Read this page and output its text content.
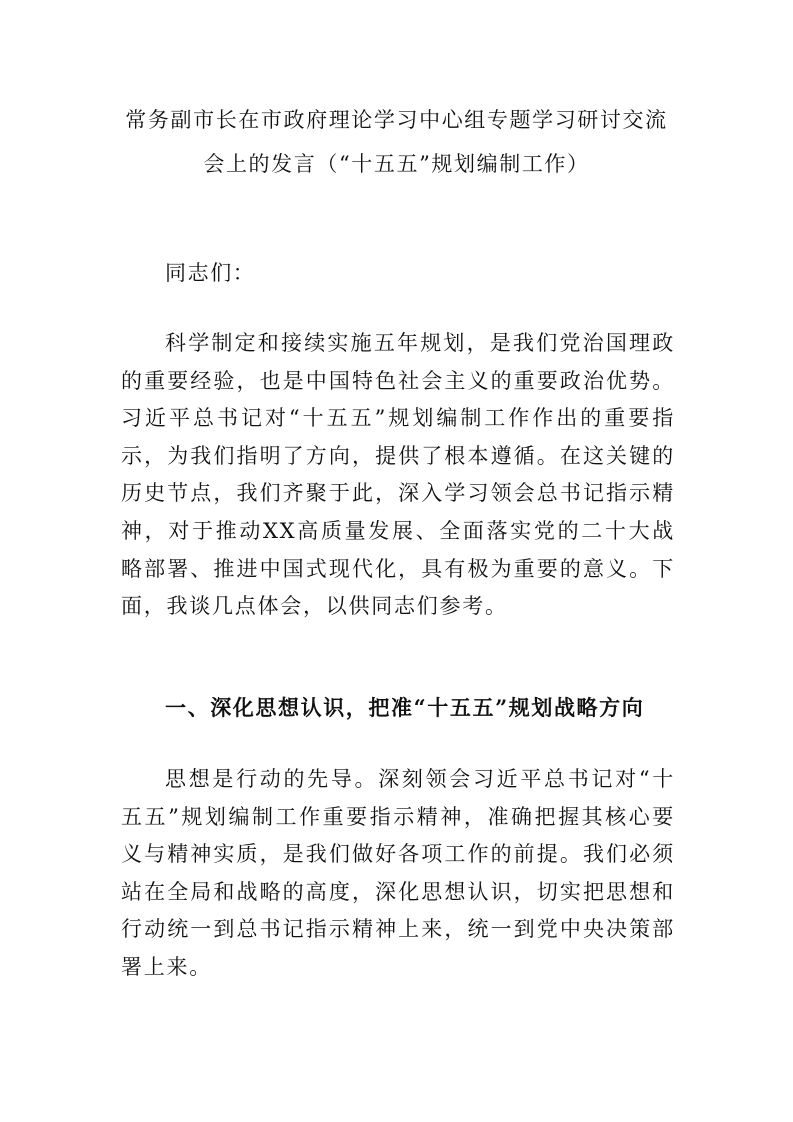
常务副市长在市政府理论学习中心组专题学习研讨交流会上的发言（“十五五”规划编制工作）
同志们：
科学制定和接续实施五年规划，是我们党治国理政的重要经验，也是中国特色社会主义的重要政治优势。习近平总书记对“十五五”规划编制工作作出的重要指示，为我们指明了方向，提供了根本遵循。在这关键的历史节点，我们齐聚于此，深入学习领会总书记指示精神，对于推动XX高质量发展、全面落实党的二十大战略部署、推进中国式现代化，具有极为重要的意义。下面，我谈几点体会，以供同志们参考。
一、深化思想认识，把准“十五五”规划战略方向
思想是行动的先导。深刻领会习近平总书记对“十五五”规划编制工作重要指示精神，准确把握其核心要义与精神实质，是我们做好各项工作的前提。我们必须站在全局和战略的高度，深化思想认识，切实把思想和行动统一到总书记指示精神上来，统一到党中央决策部署上来。
